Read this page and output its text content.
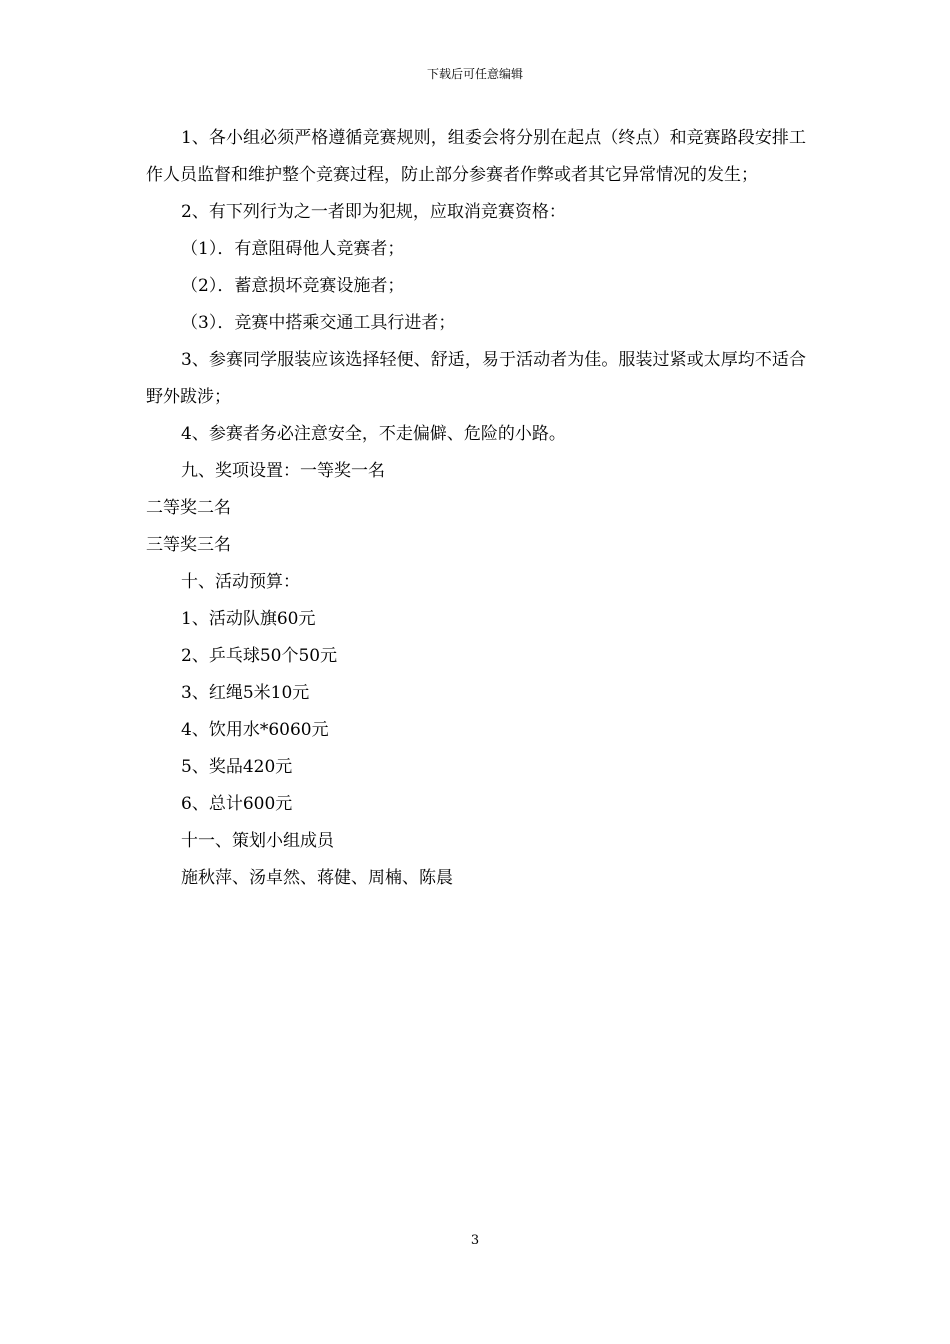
下载后可任意编辑

1、各小组必须严格遵循竞赛规则，组委会将分别在起点（终点）和竞赛路段安排工作人员监督和维护整个竞赛过程，防止部分参赛者作弊或者其它异常情况的发生；

2、有下列行为之一者即为犯规，应取消竞赛资格：

（1）．有意阻碍他人竞赛者；

（2）．蓄意损坏竞赛设施者；

（3）．竞赛中搭乘交通工具行进者；

3、参赛同学服装应该选择轻便、舒适，易于活动者为佳。服装过紧或太厚均不适合野外跋涉；

4、参赛者务必注意安全，不走偏僻、危险的小路。

九、奖项设置：一等奖一名

二等奖二名

三等奖三名

十、活动预算：

1、活动队旗60元

2、乒乓球50个50元

3、红绳5米10元

4、饮用水*6060元

5、奖品420元

6、总计600元

十一、策划小组成员

施秋萍、汤卓然、蒋健、周楠、陈晨

3
